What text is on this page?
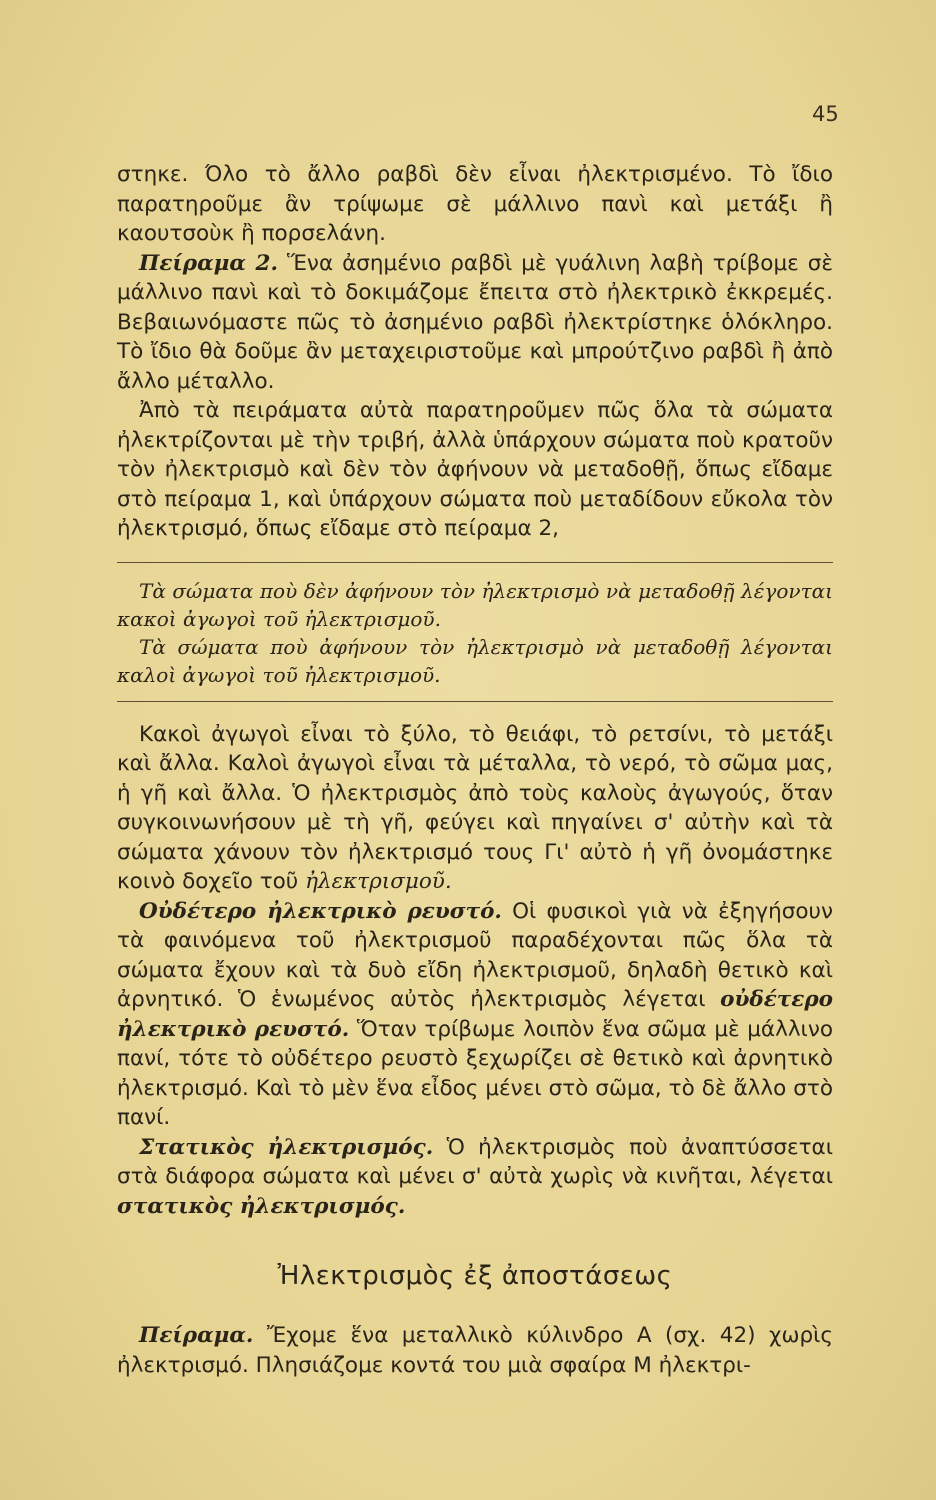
45

στηκε. Όλο τὸ ἄλλο ραβδὶ δὲν εἶναι ἠλεκτρισμένο. Τὸ ἴδιο παρατηροῦμε ἂν τρίψωμε σὲ μάλλινο πανὶ καὶ μετάξι ἢ καουτσοὺκ ἢ πορσελάνη.

Πείραμα 2. Ἕνα ἀσημένιο ραβδὶ μὲ γυάλινη λαβὴ τρίβομε σὲ μάλλινο πανὶ καὶ τὸ δοκιμάζομε ἔπειτα στὸ ἠλεκτρικὸ ἐκκρεμές. Βεβαιωνόμαστε πῶς τὸ ἀσημένιο ραβδὶ ἠλεκτρίστηκε ὁλόκληρο. Τὸ ἴδιο θὰ δοῦμε ἂν μεταχειριστοῦμε καὶ μπρούτζινο ραβδὶ ἢ ἀπὸ ἄλλο μέταλλο.

Ἀπὸ τὰ πειράματα αὐτὰ παρατηροῦμεν πῶς ὅλα τὰ σώματα ἠλεκτρίζονται μὲ τὴν τριβή, ἀλλὰ ὑπάρχουν σώματα ποὺ κρατοῦν τὸν ἠλεκτρισμὸ καὶ δὲν τὸν ἀφήνουν νὰ μεταδοθῇ, ὅπως εἴδαμε στὸ πείραμα 1, καὶ ὑπάρχουν σώματα ποὺ μεταδίδουν εὔκολα τὸν ἠλεκτρισμό, ὅπως εἴδαμε στὸ πείραμα 2,

Τὰ σώματα ποὺ δὲν ἀφήνουν τὸν ἠλεκτρισμὸ νὰ μεταδοθῇ λέγονται κακοὶ ἀγωγοὶ τοῦ ἠλεκτρισμοῦ.

Τὰ σώματα ποὺ ἀφήνουν τὸν ἠλεκτρισμὸ νὰ μεταδοθῇ λέγονται καλοὶ ἀγωγοὶ τοῦ ἠλεκτρισμοῦ.

Κακοὶ ἀγωγοὶ εἶναι τὸ ξύλο, τὸ θειάφι, τὸ ρετσίνι, τὸ μετάξι καὶ ἄλλα. Καλοὶ ἀγωγοὶ εἶναι τὰ μέταλλα, τὸ νερό, τὸ σῶμα μας, ἡ γῆ καὶ ἄλλα. Ὁ ἠλεκτρισμὸς ἀπὸ τοὺς καλοὺς ἀγωγούς, ὅταν συγκοινωνήσουν μὲ τὴ γῆ, φεύγει καὶ πηγαίνει σ' αὐτὴν καὶ τὰ σώματα χάνουν τὸν ἠλεκτρισμό τους Γι' αὐτὸ ἡ γῆ ὀνομάστηκε κοινὸ δοχεῖο τοῦ ἠλεκτρισμοῦ.

Οὐδέτερο ἠλεκτρικὸ ρευστό. Οἱ φυσικοὶ γιὰ νὰ ἐξηγήσουν τὰ φαινόμενα τοῦ ἠλεκτρισμοῦ παραδέχονται πῶς ὅλα τὰ σώματα ἔχουν καὶ τὰ δυὸ εἴδη ἠλεκτρισμοῦ, δηλαδὴ θετικὸ καὶ ἀρνητικό. Ὁ ἑνωμένος αὐτὸς ἠλεκτρισμὸς λέγεται οὐδέτερο ἠλεκτρικὸ ρευστό. Ὅταν τρίβωμε λοιπὸν ἕνα σῶμα μὲ μάλλινο πανί, τότε τὸ οὐδέτερο ρευστὸ ξεχωρίζει σὲ θετικὸ καὶ ἀρνητικὸ ἠλεκτρισμό. Καὶ τὸ μὲν ἕνα εἶδος μένει στὸ σῶμα, τὸ δὲ ἄλλο στὸ πανί.

Στατικὸς ἠλεκτρισμός. Ὁ ἠλεκτρισμὸς ποὺ ἀναπτύσσεται στὰ διάφορα σώματα καὶ μένει σ' αὐτὰ χωρὶς νὰ κινῆται, λέγεται στατικὸς ἠλεκτρισμός.

Ἠλεκτρισμὸς ἐξ ἀποστάσεως

Πείραμα. Ἔχομε ἕνα μεταλλικὸ κύλινδρο Α (σχ. 42) χωρὶς ἠλεκτρισμό. Πλησιάζομε κοντά του μιὰ σφαίρα Μ ἠλεκτρι-
